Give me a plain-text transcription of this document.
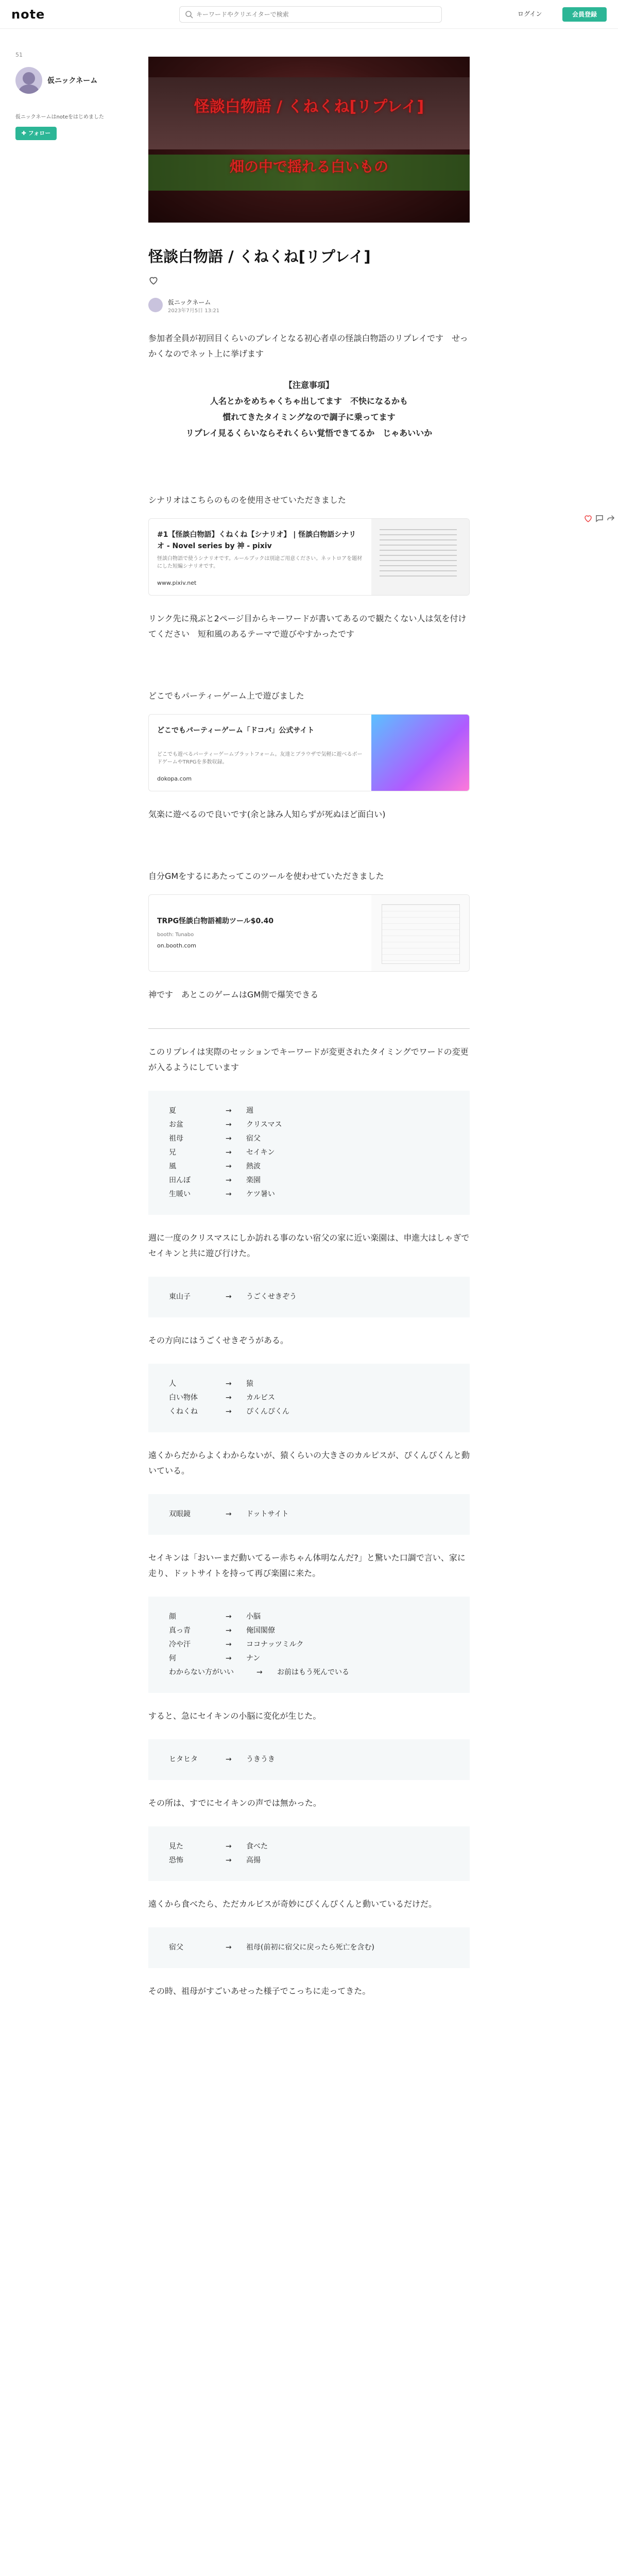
note
キーワードやクリエイターで検索	ログイン	会員登録
51
仮ニックネーム
仮ニックネームはnoteをはじめました
✚ フォロー
怪談白物語 / くねくね[リプレイ]
畑の中で揺れる白いもの
怪談白物語 / くねくね[リプレイ]
仮ニックネーム
2023年7月5日 13:21

参加者全員が初回目くらいのプレイとなる初心者卓の怪談白物語のリプレイです　せっかくなのでネット上に挙げます

【注意事項】
人名とかをめちゃくちゃ出してます　不快になるかも
慣れてきたタイミングなので調子に乗ってます
リプレイ見るくらいならそれくらい覚悟できてるか　じゃあいいか

シナリオはこちらのものを使用させていただきました

#1【怪談白物語】くねくね【シナリオ】 | 怪談白物語シナリオ - Novel series by 神 - pixiv
怪談白物語で使うシナリオです。ルールブックは別途ご用意ください。ネットロアを題材にした短編シナリオです。
www.pixiv.net

リンク先に飛ぶと2ページ目からキーワードが書いてあるので観たくない人は気を付けてください　短和風のあるテーマで遊びやすかったです

どこでもパーティーゲーム上で遊びました

どこでもパーティーゲーム「ドコパ」公式サイト
どこでも遊べるパーティーゲームプラットフォーム。友達とブラウザで気軽に遊べるボードゲームやTRPGを多数収録。
dokopa.com

気楽に遊べるので良いです(余と詠み人知らずが死ぬほど面白い)

自分GMをするにあたってこのツールを使わせていただきました

TRPG怪談白物語補助ツール$0.40
booth: Tunabo
on.booth.com

神です　あとこのゲームはGM側で爆笑できる

このリプレイは実際のセッションでキーワードが変更されたタイミングでワードの変更が入るようにしています

夏	→	週
お盆	→	クリスマス
祖母	→	宿父
兄	→	セイキン
風	→	熱波
田んぼ	→	楽園
生暖い	→	ケツ暑い

週に一度のクリスマスにしか訪れる事のない宿父の家に近い楽園は、申進大はしゃぎでセイキンと共に遊び行けた。

東山子	→	うごくせきぞう

その方向にはうごくせきぞうがある。

人	→	猿
白い物体	→	カルビス
くねくね	→	ぴくんぴくん

遠くからだからよくわからないが、猿くらいの大きさのカルピスが、ぴくんぴくんと動いている。

双眼鏡	→	ドットサイト

セイキンは「おいーまだ動いてるー赤ちゃん体明なんだ?」と驚いた口調で言い、家に走り、ドットサイトを持って再び楽園に来た。

顔	→	小脳
真っ青	→	俺国閣僚
冷や汗	→	ココナッツミルク
何	→	ナン
わからない方がいい	→	お前はもう死んでいる

すると、急にセイキンの小脳に変化が生じた。

ヒタヒタ	→	うきうき

その所は、すでにセイキンの声では無かった。

見た	→	食べた
恐怖	→	高揚

遠くから食べたら、ただカルビスが奇妙にぴくんぴくんと動いているだけだ。

宿父	→	祖母(前初に宿父に戻ったら死亡を含む)

その時、祖母がすごいあせった様子でこっちに走ってきた。
